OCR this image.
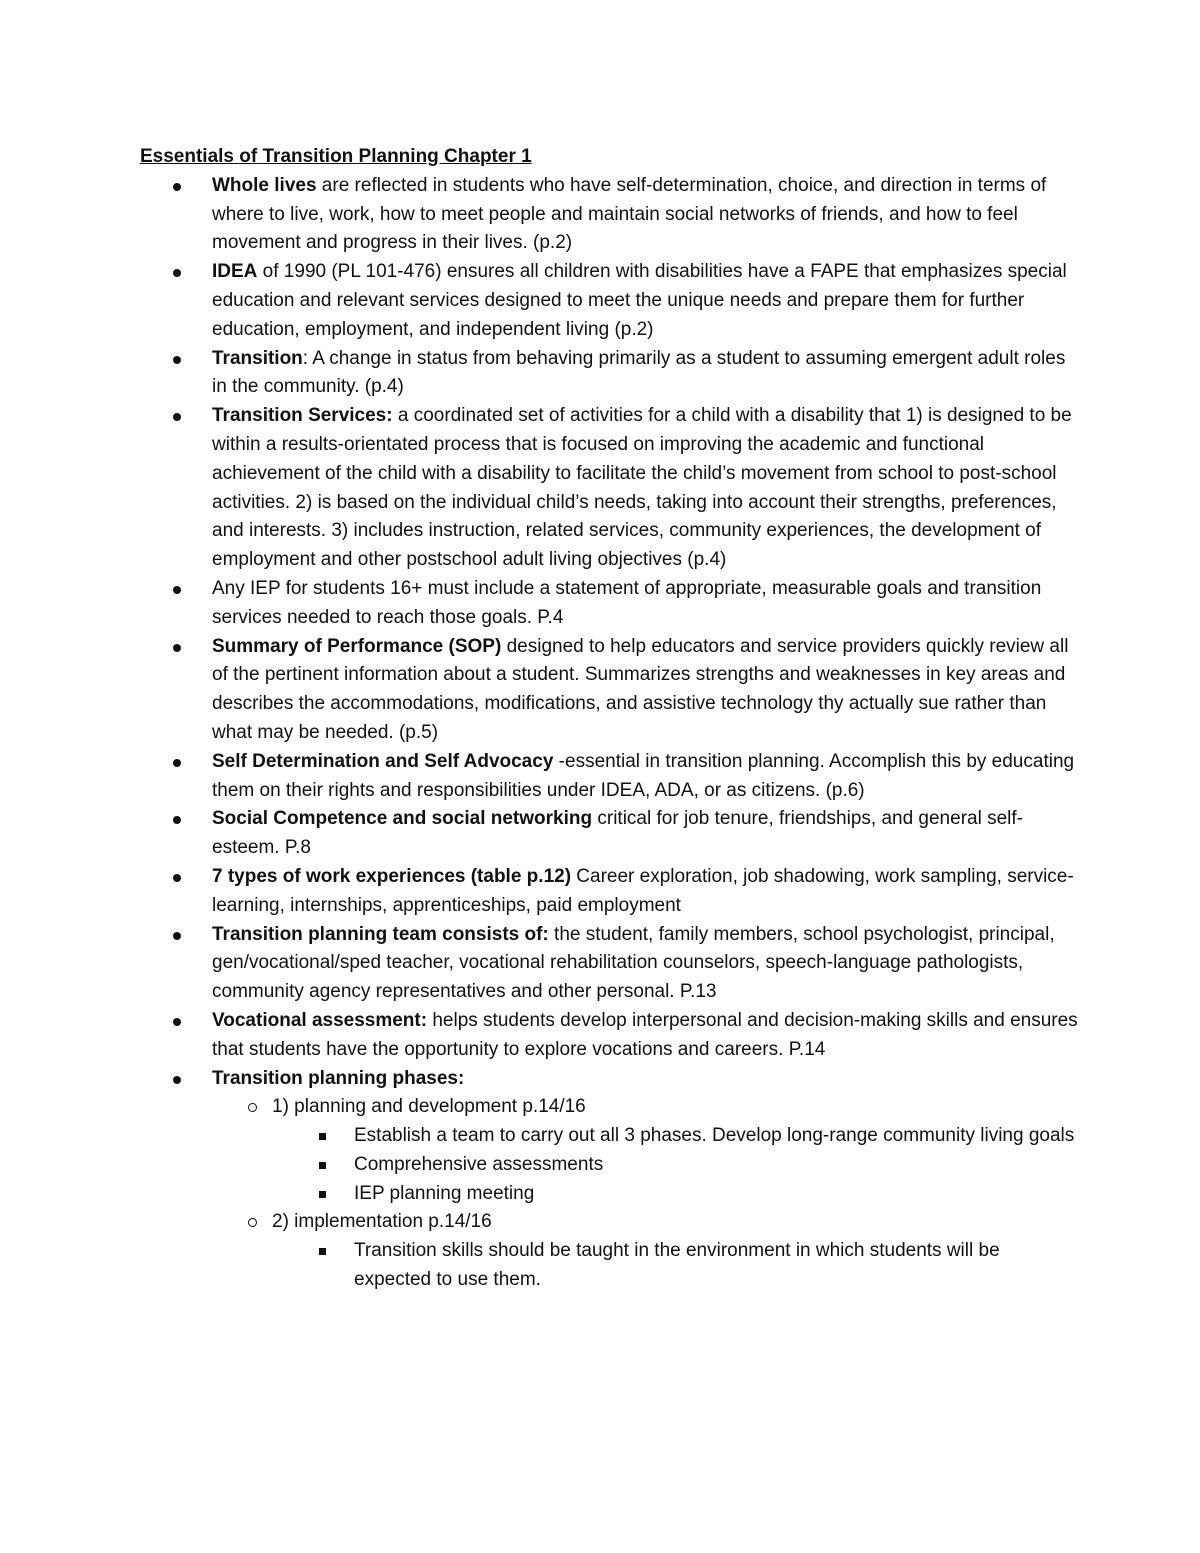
Essentials of Transition Planning Chapter 1

Whole lives are reflected in students who have self-determination, choice, and direction in terms of where to live, work, how to meet people and maintain social networks of friends, and how to feel movement and progress in their lives. (p.2)
IDEA of 1990 (PL 101-476) ensures all children with disabilities have a FAPE that emphasizes special education and relevant services designed to meet the unique needs and prepare them for further education, employment, and independent living (p.2)
Transition: A change in status from behaving primarily as a student to assuming emergent adult roles in the community. (p.4)
Transition Services: a coordinated set of activities for a child with a disability that 1) is designed to be within a results-orientated process that is focused on improving the academic and functional achievement of the child with a disability to facilitate the child’s movement from school to post-school activities. 2) is based on the individual child’s needs, taking into account their strengths, preferences, and interests. 3) includes instruction, related services, community experiences, the development of employment and other postschool adult living objectives (p.4)
Any IEP for students 16+ must include a statement of appropriate, measurable goals and transition services needed to reach those goals. P.4
Summary of Performance (SOP) designed to help educators and service providers quickly review all of the pertinent information about a student. Summarizes strengths and weaknesses in key areas and describes the accommodations, modifications, and assistive technology thy actually sue rather than what may be needed. (p.5)
Self Determination and Self Advocacy -essential in transition planning. Accomplish this by educating them on their rights and responsibilities under IDEA, ADA, or as citizens. (p.6)
Social Competence and social networking critical for job tenure, friendships, and general self-esteem. P.8
7 types of work experiences (table p.12) Career exploration, job shadowing, work sampling, service-learning, internships, apprenticeships, paid employment
Transition planning team consists of: the student, family members, school psychologist, principal, gen/vocational/sped teacher, vocational rehabilitation counselors, speech-language pathologists, community agency representatives and other personal. P.13
Vocational assessment: helps students develop interpersonal and decision-making skills and ensures that students have the opportunity to explore vocations and careers. P.14
Transition planning phases:
1) planning and development p.14/16
Establish a team to carry out all 3 phases. Develop long-range community living goals
Comprehensive assessments
IEP planning meeting
2) implementation p.14/16
Transition skills should be taught in the environment in which students will be expected to use them.
